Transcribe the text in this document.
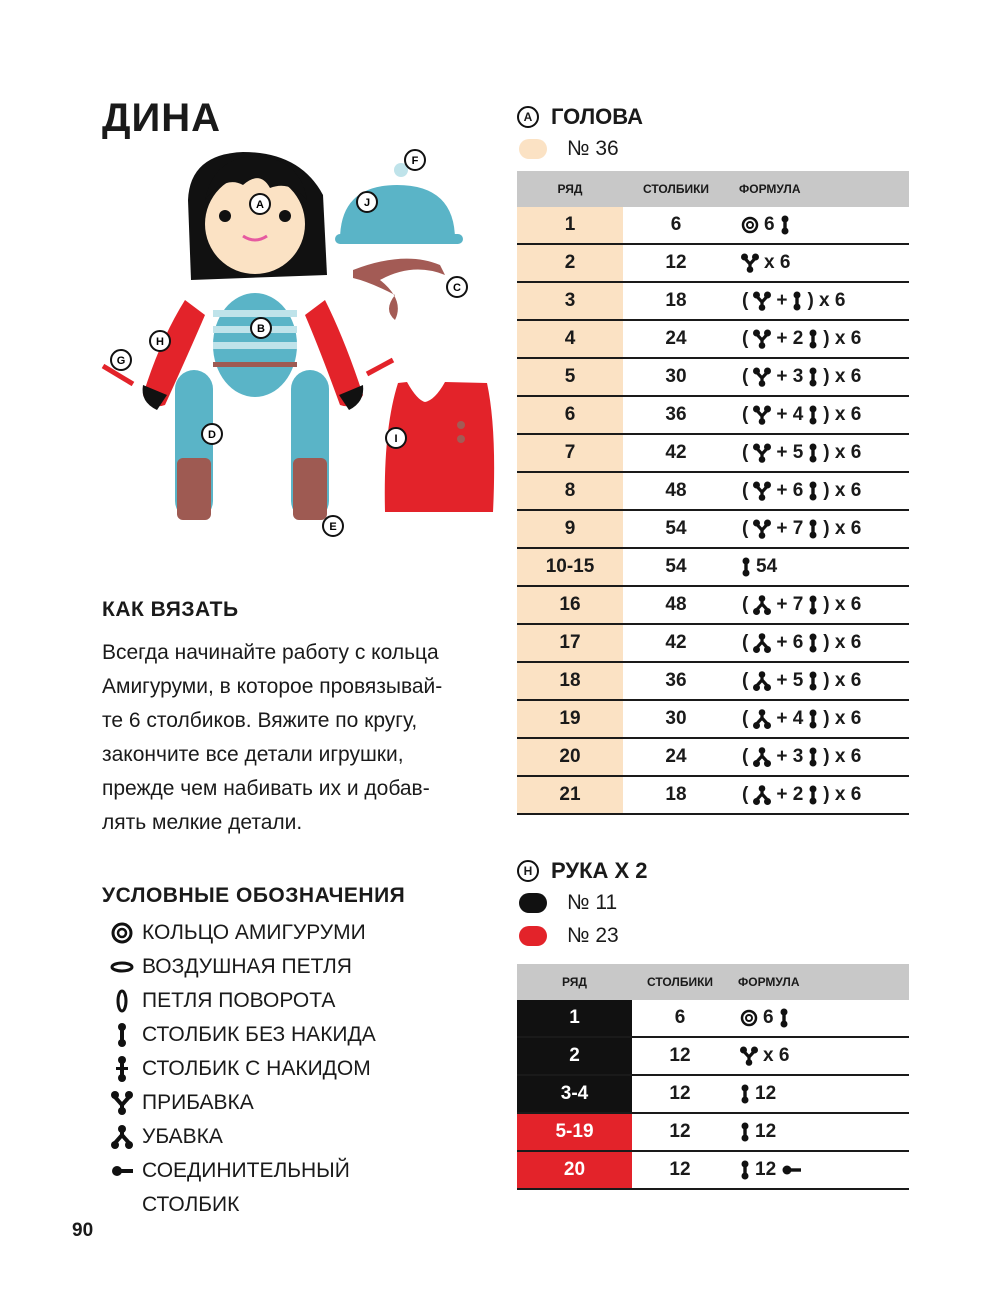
ДИНА
A
B
C
D
E
F
G
H
I
J
КАК ВЯЗАТЬ
Всегда начинайте работу с кольца
Амигуруми, в которое провязывай-
те 6 столбиков. Вяжите по кругу,
закончите все детали игрушки,
прежде чем набивать их и добав-
лять мелкие детали.
УСЛОВНЫЕ ОБОЗНАЧЕНИЯ
КОЛЬЦО АМИГУРУМИ
ВОЗДУШНАЯ ПЕТЛЯ
ПЕТЛЯ ПОВОРОТА
СТОЛБИК БЕЗ НАКИДА
СТОЛБИК С НАКИДОМ
ПРИБАВКА
УБАВКА
СОЕДИНИТЕЛЬНЫЙ
СТОЛБИК
90
A ГОЛОВА
№ 36
РЯД	СТОЛБИКИ	ФОРМУЛА
1	6	6
2	12	x 6
3	18	( + ) x 6
4	24	( + 2 ) x 6
5	30	( + 3 ) x 6
6	36	( + 4 ) x 6
7	42	( + 5 ) x 6
8	48	( + 6 ) x 6
9	54	( + 7 ) x 6
10-15	54	54
16	48	( + 7 ) x 6
17	42	( + 6 ) x 6
18	36	( + 5 ) x 6
19	30	( + 4 ) x 6
20	24	( + 3 ) x 6
21	18	( + 2 ) x 6
H РУКА X 2
№ 11
№ 23
РЯД	СТОЛБИКИ	ФОРМУЛА
1	6	6
2	12	x 6
3-4	12	12
5-19	12	12
20	12	12
